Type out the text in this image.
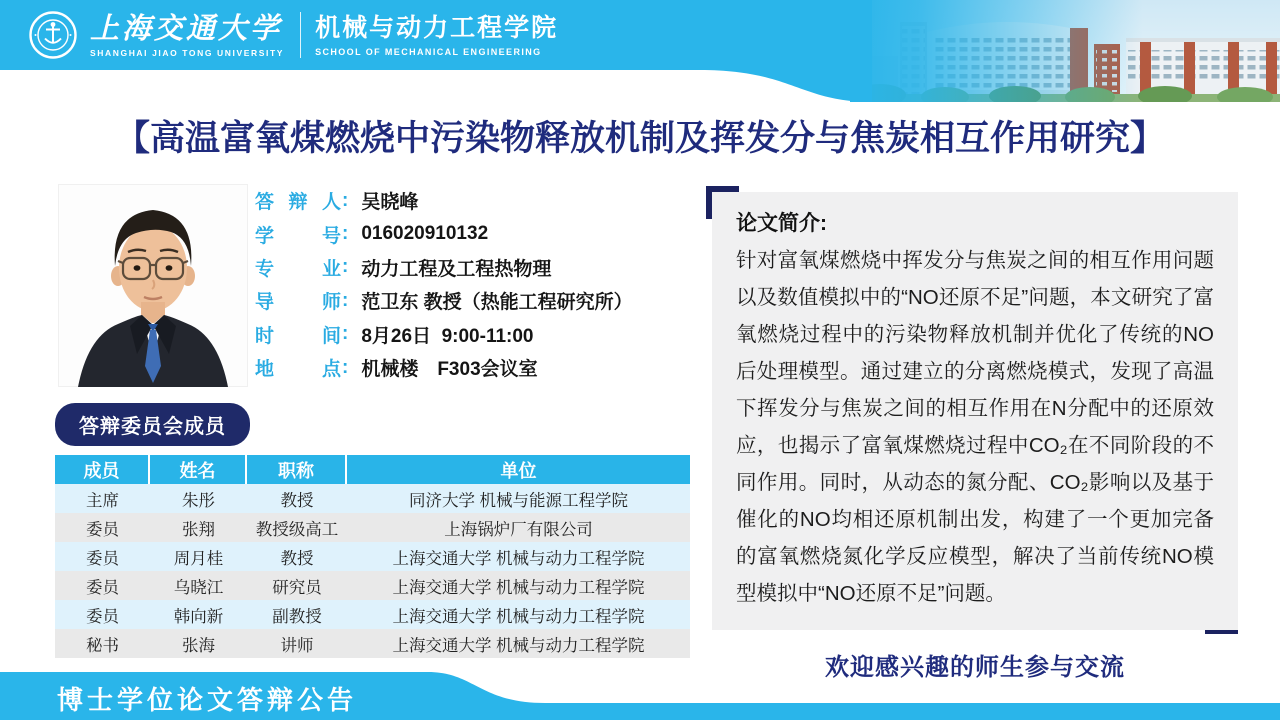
上海交通大学
SHANGHAI JIAO TONG UNIVERSITY
机械与动力工程学院
SCHOOL OF MECHANICAL ENGINEERING
【高温富氧煤燃烧中污染物释放机制及挥发分与焦炭相互作用研究】
答辩人 : 吴晓峰
学号 : 016020910132
专业 : 动力工程及工程热物理
导师 : 范卫东 教授（热能工程研究所）
时间 : 8月26日  9:00-11:00
地点 : 机械楼　F303会议室
答辩委员会成员
成员	姓名	职称	单位
主席	朱彤	教授	同济大学 机械与能源工程学院
委员	张翔	教授级高工	上海锅炉厂有限公司
委员	周月桂	教授	上海交通大学 机械与动力工程学院
委员	乌晓江	研究员	上海交通大学 机械与动力工程学院
委员	韩向新	副教授	上海交通大学 机械与动力工程学院
秘书	张海	讲师	上海交通大学 机械与动力工程学院
论文简介:
针对富氧煤燃烧中挥发分与焦炭之间的相互作用问题以及数值模拟中的“NO还原不足”问题，本文研究了富氧燃烧过程中的污染物释放机制并优化了传统的NO后处理模型。通过建立的分离燃烧模式，发现了高温下挥发分与焦炭之间的相互作用在N分配中的还原效应，也揭示了富氧煤燃烧过程中CO₂在不同阶段的不同作用。同时，从动态的氮分配、CO₂影响以及基于催化的NO均相还原机制出发，构建了一个更加完备的富氧燃烧氮化学反应模型，解决了当前传统NO模型模拟中“NO还原不足”问题。
欢迎感兴趣的师生参与交流
博士学位论文答辩公告
